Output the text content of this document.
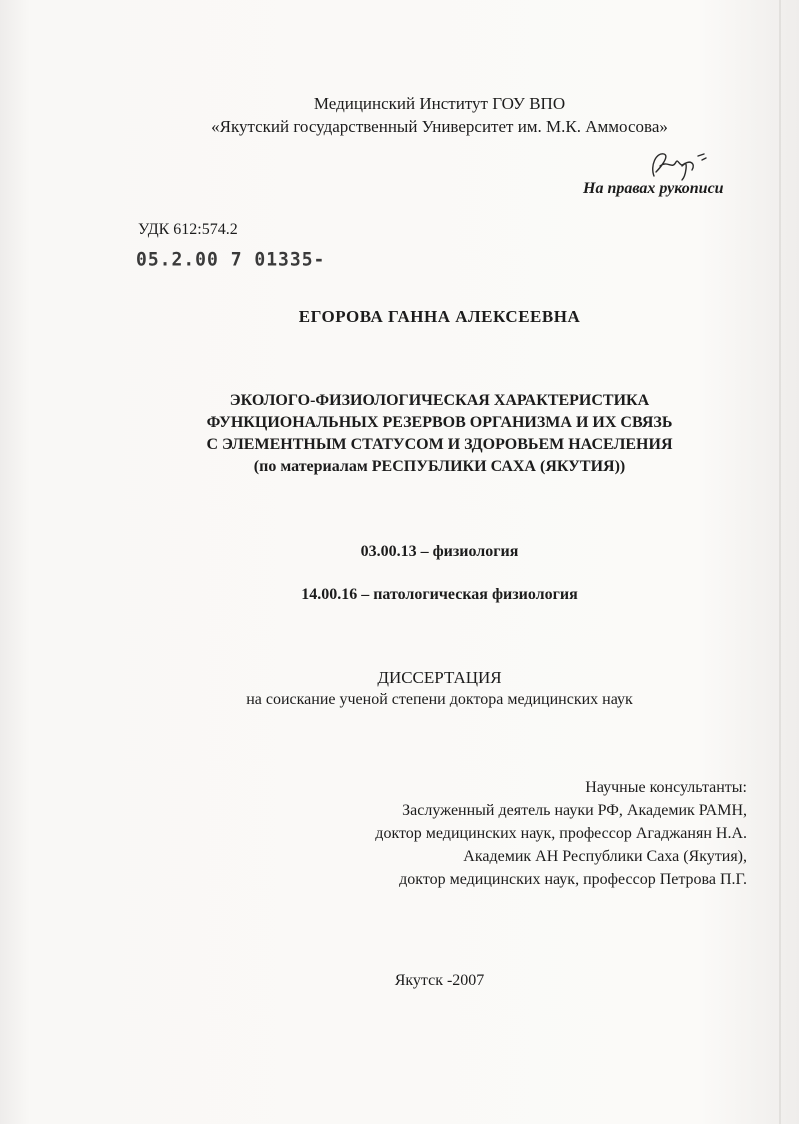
Медицинский Институт ГОУ ВПО
«Якутский государственный Университет им. М.К. Аммосова»
На правах рукописи
УДК 612:574.2
05.2.00 7 01335-
ЕГОРОВА ГАННА АЛЕКСЕЕВНА
ЭКОЛОГО-ФИЗИОЛОГИЧЕСКАЯ ХАРАКТЕРИСТИКА
ФУНКЦИОНАЛЬНЫХ РЕЗЕРВОВ ОРГАНИЗМА И ИХ СВЯЗЬ
С ЭЛЕМЕНТНЫМ СТАТУСОМ И ЗДОРОВЬЕМ НАСЕЛЕНИЯ
(по материалам РЕСПУБЛИКИ САХА (ЯКУТИЯ))
03.00.13 – физиология
14.00.16 – патологическая физиология
ДИССЕРТАЦИЯ
на соискание ученой степени доктора медицинских наук
Научные консультанты:
Заслуженный деятель науки РФ, Академик РАМН,
доктор медицинских наук, профессор Агаджанян Н.А.
Академик АН Республики Саха (Якутия),
доктор медицинских наук, профессор Петрова П.Г.
Якутск -2007
